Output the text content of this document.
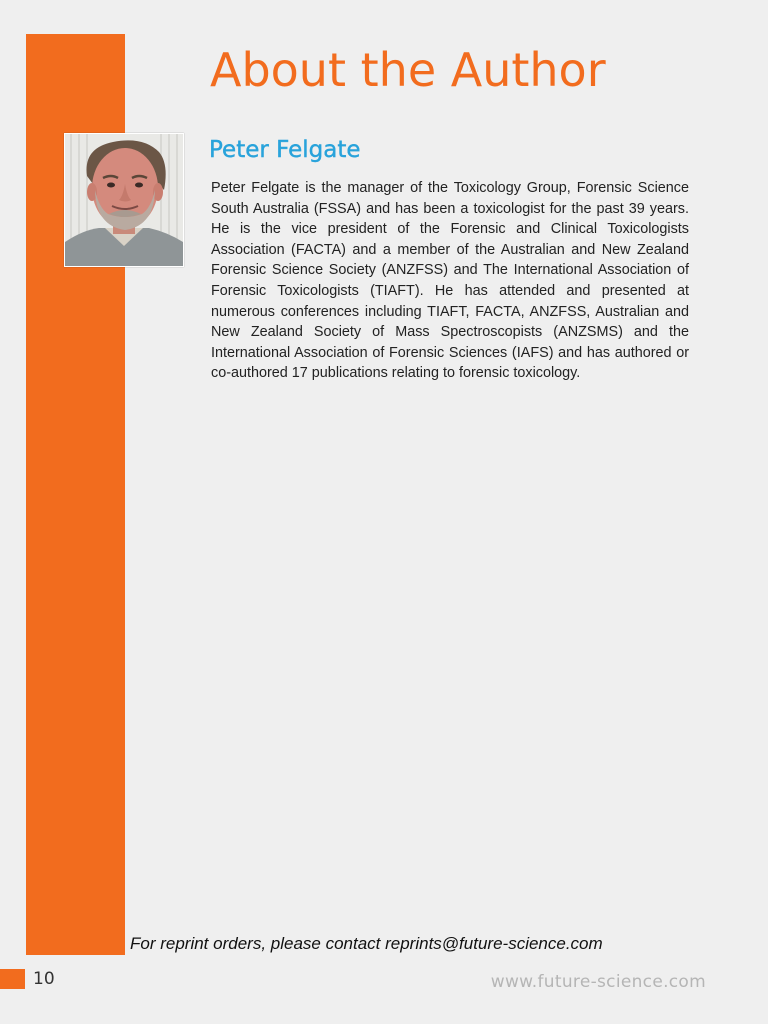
About the Author
Peter Felgate

Peter Felgate is the manager of the Toxicology Group, Forensic Science South Australia (FSSA) and has been a toxicologist for the past 39 years. He is the vice president of the Forensic and Clinical Toxicologists Association (FACTA) and a member of the Australian and New Zealand Forensic Science Society (ANZFSS) and The International Association of Forensic Toxicologists (TIAFT). He has attended and presented at numerous conferences including TIAFT, FACTA, ANZFSS, Australian and New Zealand Society of Mass Spectroscopists (ANZSMS) and the International Association of Forensic Sciences (IAFS) and has authored or co-authored 17 publications relating to forensic toxicology.

For reprint orders, please contact reprints@future-science.com

10	www.future-science.com
